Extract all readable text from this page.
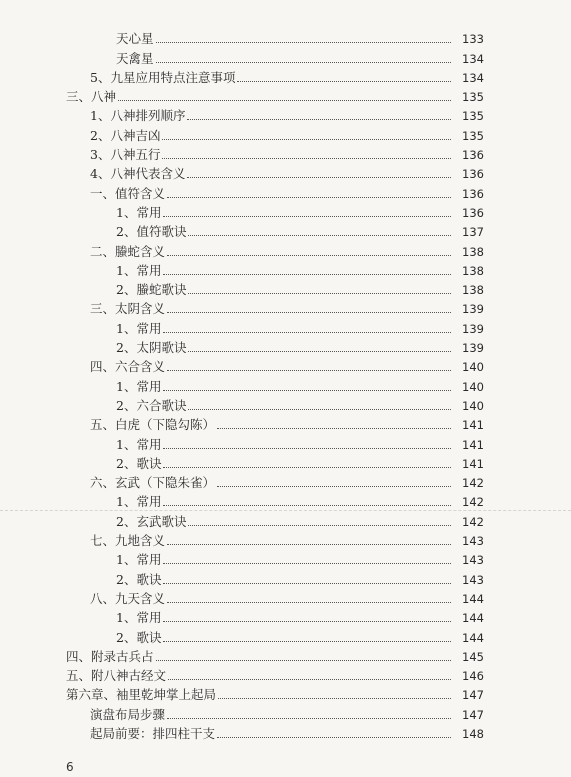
天心星	133
天禽星	134
5、九星应用特点注意事项	134
三、八神	135
1、八神排列顺序	135
2、八神吉凶	135
3、八神五行	136
4、八神代表含义	136
一、值符含义	136
1、常用	136
2、值符歌诀	137
二、螣蛇含义	138
1、常用	138
2、螣蛇歌诀	138
三、太阴含义	139
1、常用	139
2、太阴歌诀	139
四、六合含义	140
1、常用	140
2、六合歌诀	140
五、白虎（下隐勾陈）	141
1、常用	141
2、歌诀	141
六、玄武（下隐朱雀）	142
1、常用	142
2、玄武歌诀	142
七、九地含义	143
1、常用	143
2、歌诀	143
八、九天含义	144
1、常用	144
2、歌诀	144
四、附录古兵占	145
五、附八神古经文	146
第六章、袖里乾坤掌上起局	147
演盘布局步骤	147
起局前要：排四柱干支	148
6
